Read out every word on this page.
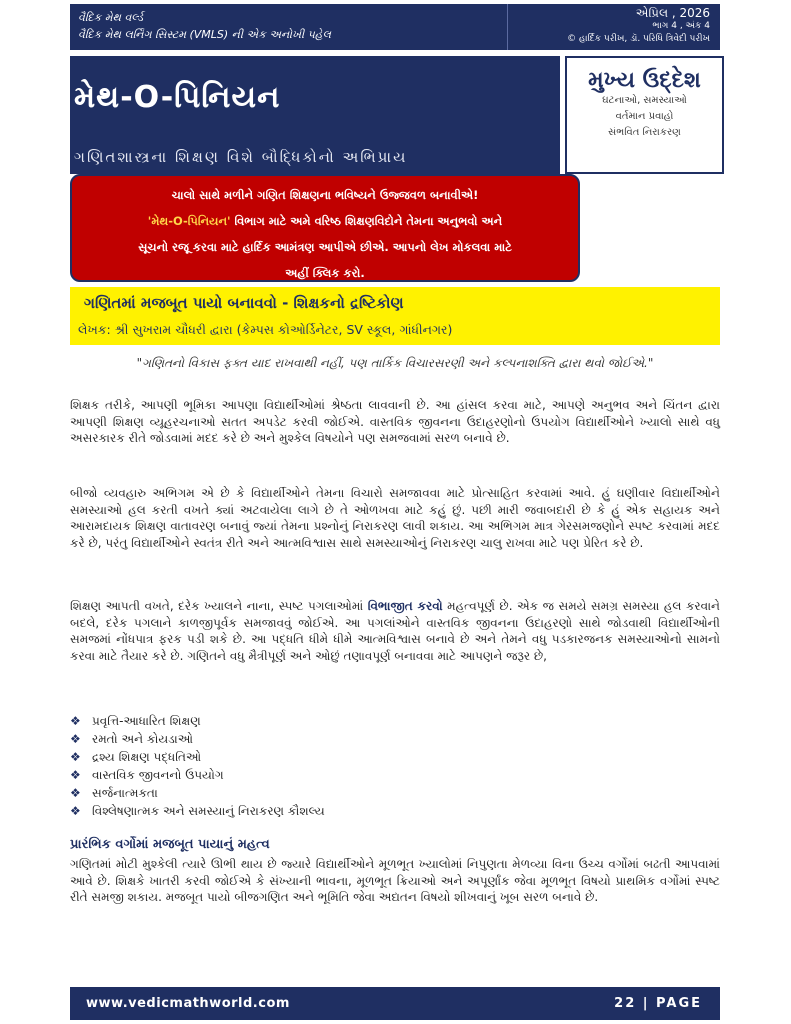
વૈદિક મેથ વર્લ્ડ
વૈદિક મેથ લર્નિંગ સિસ્ટમ (VMLS) ની એક અનોખી પહેલ
એપ્રિલ , 2026
ભાગ 4 , અંક 4
© હાર્દિક પરીખ, ડૉ. પરિધિ ત્રિવેદી પરીખ
મેથ-O-પિનિયન
ગણિતશાસ્ત્રના શિક્ષણ વિશે બૌદ્ધિકોનો અભિપ્રાય
મુખ્ય ઉદ્દેશ
ઘટનાઓ, સમસ્યાઓ
વર્તમાન પ્રવાહો
સંભવિત નિરાકરણ
ચાલો સાથે મળીને ગણિત શિક્ષણના ભવિષ્યને ઉજ્જવળ બનાવીએ!
'મેથ-O-પિનિયન' વિભાગ માટે અમે વરિષ્ઠ શિક્ષણવિદોને તેમના અનુભવો અને
સૂચનો રજૂ કરવા માટે હાર્દિક આમંત્રણ આપીએ છીએ. આપનો લેખ મોકલવા માટે
અહીં ક્લિક કરો.
ગણિતમાં મજબૂત પાયો બનાવવો - શિક્ષકનો દ્રષ્ટિકોણ
લેખક: શ્રી સુખરામ ચૌધરી દ્વારા (કેમ્પસ કોઓર્ડિનેટર, SV સ્કૂલ, ગાંધીનગર)
"ગણિતનો વિકાસ ફક્ત યાદ રાખવાથી નહીં, પણ તાર્કિક વિચારસરણી અને કલ્પનાશક્તિ દ્વારા થવો જોઈએ."
શિક્ષક તરીકે, આપણી ભૂમિકા આપણા વિદ્યાર્થીઓમાં શ્રેષ્ઠતા લાવવાની છે. આ હાંસલ કરવા માટે, આપણે અનુભવ અને ચિંતન દ્વારા આપણી શિક્ષણ વ્યૂહરચનાઓ સતત અપડેટ કરવી જોઈએ. વાસ્તવિક જીવનના ઉદાહરણોનો ઉપયોગ વિદ્યાર્થીઓને ખ્યાલો સાથે વધુ અસરકારક રીતે જોડવામાં મદદ કરે છે અને મુશ્કેલ વિષયોને પણ સમજવામાં સરળ બનાવે છે.
બીજો વ્યવહારુ અભિગમ એ છે કે વિદ્યાર્થીઓને તેમના વિચારો સમજાવવા માટે પ્રોત્સાહિત કરવામાં આવે. હું ઘણીવાર વિદ્યાર્થીઓને સમસ્યાઓ હલ કરતી વખતે ક્યાં અટવાયેલા લાગે છે તે ઓળખવા માટે કહું છું. પછી મારી જવાબદારી છે કે હું એક સહાયક અને આરામદાયક શિક્ષણ વાતાવરણ બનાવું જ્યાં તેમના પ્રશ્નોનું નિરાકરણ લાવી શકાય. આ અભિગમ માત્ર ગેરસમજણોને સ્પષ્ટ કરવામાં મદદ કરે છે, પરંતુ વિદ્યાર્થીઓને સ્વતંત્ર રીતે અને આત્મવિશ્વાસ સાથે સમસ્યાઓનું નિરાકરણ ચાલુ રાખવા માટે પણ પ્રેરિત કરે છે.
શિક્ષણ આપતી વખતે, દરેક ખ્યાલને નાના, સ્પષ્ટ પગલાઓમાં વિભાજીત કરવો મહત્વપૂર્ણ છે. એક જ સમયે સમગ્ર સમસ્યા હલ કરવાને બદલે, દરેક પગલાને કાળજીપૂર્વક સમજાવવું જોઈએ. આ પગલાંઓને વાસ્તવિક જીવનના ઉદાહરણો સાથે જોડવાથી વિદ્યાર્થીઓની સમજમાં નોંધપાત્ર ફરક પડી શકે છે. આ પદ્ધતિ ધીમે ધીમે આત્મવિશ્વાસ બનાવે છે અને તેમને વધુ પડકારજનક સમસ્યાઓનો સામનો કરવા માટે તૈયાર કરે છે. ગણિતને વધુ મૈત્રીપૂર્ણ અને ઓછું તણાવપૂર્ણ બનાવવા માટે આપણને જરૂર છે,
❖ પ્રવૃત્તિ-આધારિત શિક્ષણ
❖ રમતો અને કોયડાઓ
❖ દ્રશ્ય શિક્ષણ પદ્ધતિઓ
❖ વાસ્તવિક જીવનનો ઉપયોગ
❖ સર્જનાત્મકતા
❖ વિશ્લેષણાત્મક અને સમસ્યાનું નિરાકરણ કૌશલ્ય
પ્રારંભિક વર્ગોમાં મજબૂત પાયાનું મહત્વ
ગણિતમાં મોટી મુશ્કેલી ત્યારે ઊભી થાય છે જ્યારે વિદ્યાર્થીઓને મૂળભૂત ખ્યાલોમાં નિપુણતા મેળવ્યા વિના ઉચ્ચ વર્ગોમાં બઢતી આપવામાં આવે છે. શિક્ષકે ખાતરી કરવી જોઈએ કે સંખ્યાની ભાવના, મૂળભૂત ક્રિયાઓ અને અપૂર્ણાંક જેવા મૂળભૂત વિષયો પ્રાથમિક વર્ગોમાં સ્પષ્ટ રીતે સમજી શકાય. મજબૂત પાયો બીજગણિત અને ભૂમિતિ જેવા અદ્યતન વિષયો શીખવાનું ખૂબ સરળ બનાવે છે.
www.vedicmathworld.com	22 | PAGE
